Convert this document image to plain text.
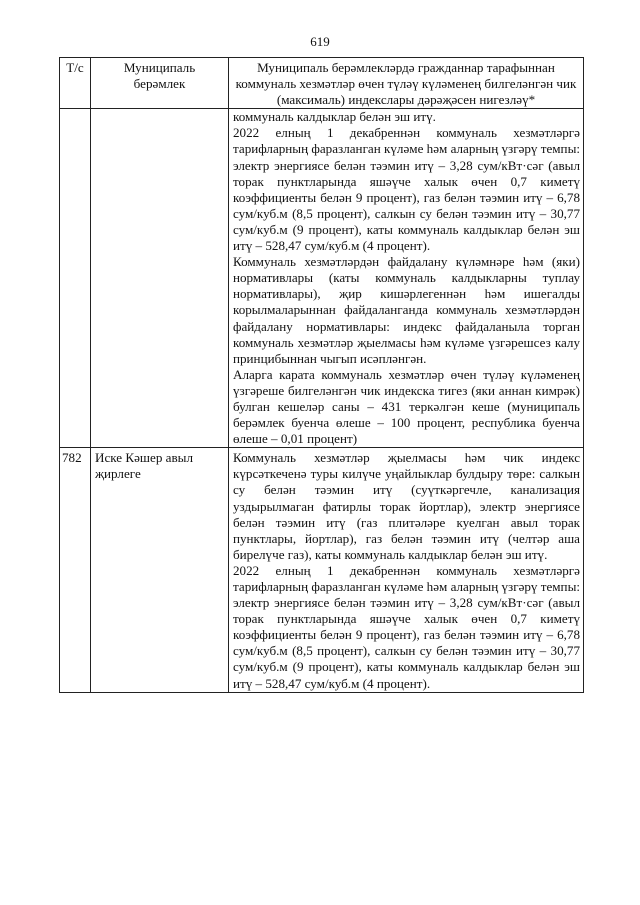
619
Т/с	Муниципаль берәмлек	Муниципаль берәмлекләрдә гражданнар тарафыннан коммуналь хезмәтләр өчен түләү күләменең билгеләнгән чик (максималь) индекслары дәрәҗәсен нигезләү*

		коммуналь калдыклар белән эш итү.

2022 елның 1 декабреннән коммуналь хезмәтләргә тарифларның фаразланган күләме һәм аларның үзгәрү темпы: электр энергиясе белән тәэмин итү – 3,28 сум/кВт·сәг (авыл торак пунктларында яшәүче халык өчен 0,7 киметү коэффициенты белән 9 процент), газ белән тәэмин итү – 6,78 сум/куб.м (8,5 процент), салкын су белән тәэмин итү – 30,77 сум/куб.м (9 процент), каты коммуналь калдыклар белән эш итү – 528,47 сум/куб.м (4 процент).

Коммуналь хезмәтләрдән файдалану күләмнәре һәм (яки) нормативлары (каты коммуналь калдыкларны туплау нормативлары), җир кишәрлегеннән һәм ишегалды корылмаларыннан файдаланганда коммуналь хезмәтләрдән файдалану нормативлары: индекс файдаланыла торган коммуналь хезмәтләр җыелмасы һәм күләме үзгәрешсез калу принцибыннан чыгып исәпләнгән.

Аларга карата коммуналь хезмәтләр өчен түләү күләменең үзгәреше билгеләнгән чик индекска тигез (яки аннан кимрәк) булган кешеләр саны – 431 теркәлгән кеше (муниципаль берәмлек буенча өлеше – 100 процент, республика буенча өлеше – 0,01 процент)

782	Иске Кәшер авыл җирлеге	Коммуналь хезмәтләр җыелмасы һәм чик индекс күрсәткеченә туры килүче уңайлыклар булдыру төре: салкын су белән тәэмин итү (суүткәргечле, канализация уздырылмаган фатирлы торак йортлар), электр энергиясе белән тәэмин итү (газ плитәләре куелган авыл торак пунктлары, йортлар), газ белән тәэмин итү (челтәр аша бирелүче газ), каты коммуналь калдыклар белән эш итү.

2022 елның 1 декабреннән коммуналь хезмәтләргә тарифларның фаразланган күләме һәм аларның үзгәрү темпы: электр энергиясе белән тәэмин итү – 3,28 сум/кВт·сәг (авыл торак пунктларында яшәүче халык өчен 0,7 киметү коэффициенты белән 9 процент), газ белән тәэмин итү – 6,78 сум/куб.м (8,5 процент), салкын су белән тәэмин итү – 30,77 сум/куб.м (9 процент), каты коммуналь калдыклар белән эш итү – 528,47 сум/куб.м (4 процент).
